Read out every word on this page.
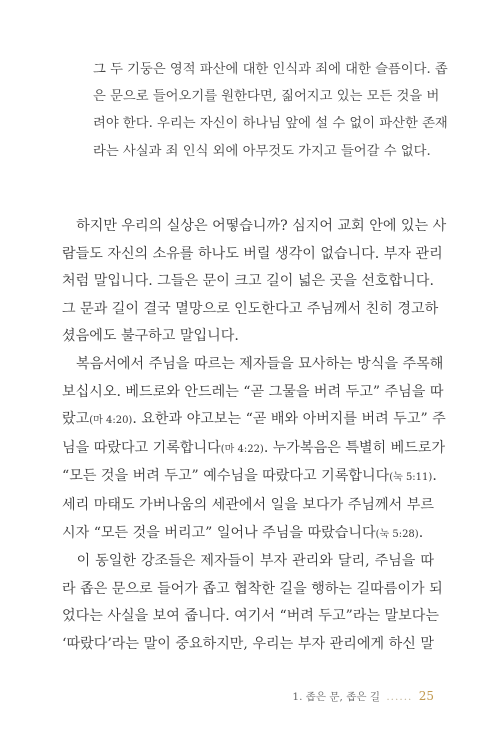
그 두 기둥은 영적 파산에 대한 인식과 죄에 대한 슬픔이다. 좁
은 문으로 들어오기를 원한다면, 짊어지고 있는 모든 것을 버
려야 한다. 우리는 자신이 하나님 앞에 설 수 없이 파산한 존재
라는 사실과 죄 인식 외에 아무것도 가지고 들어갈 수 없다.
　하지만 우리의 실상은 어떻습니까? 심지어 교회 안에 있는 사
람들도 자신의 소유를 하나도 버릴 생각이 없습니다. 부자 관리
처럼 말입니다. 그들은 문이 크고 길이 넓은 곳을 선호합니다.
그 문과 길이 결국 멸망으로 인도한다고 주님께서 친히 경고하
셨음에도 불구하고 말입니다.
　복음서에서 주님을 따르는 제자들을 묘사하는 방식을 주목해
보십시오. 베드로와 안드레는 “곧 그물을 버려 두고” 주님을 따
랐고(마 4:20). 요한과 야고보는 “곧 배와 아버지를 버려 두고” 주
님을 따랐다고 기록합니다(마 4:22). 누가복음은 특별히 베드로가
“모든 것을 버려 두고” 예수님을 따랐다고 기록합니다(눅 5:11).
세리 마태도 가버나움의 세관에서 일을 보다가 주님께서 부르
시자 “모든 것을 버리고” 일어나 주님을 따랐습니다(눅 5:28).
　이 동일한 강조들은 제자들이 부자 관리와 달리, 주님을 따
라 좁은 문으로 들어가 좁고 협착한 길을 행하는 길따름이가 되
었다는 사실을 보여 줍니다. 여기서 “버려 두고”라는 말보다는
‘따랐다’라는 말이 중요하지만, 우리는 부자 관리에게 하신 말
1. 좁은 문, 좁은 길 ...... 25
